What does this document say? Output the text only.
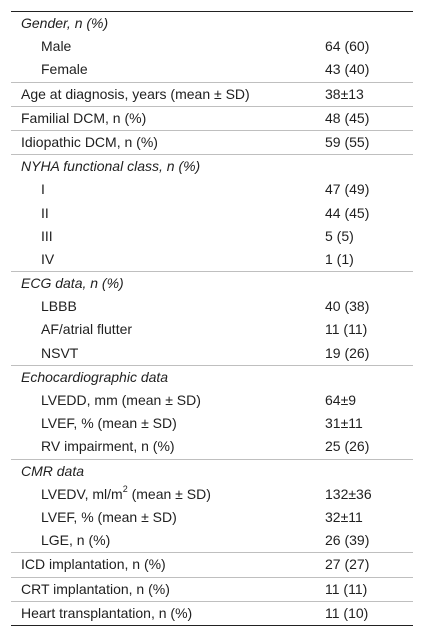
Gender, n (%)
Male	64 (60)
Female	43 (40)
Age at diagnosis, years (mean ± SD)	38±13
Familial DCM, n (%)	48 (45)
Idiopathic DCM, n (%)	59 (55)
NYHA functional class, n (%)
I	47 (49)
II	44 (45)
III	5 (5)
IV	1 (1)
ECG data, n (%)
LBBB	40 (38)
AF/atrial flutter	11 (11)
NSVT	19 (26)
Echocardiographic data
LVEDD, mm (mean ± SD)	64±9
LVEF, % (mean ± SD)	31±11
RV impairment, n (%)	25 (26)
CMR data
LVEDV, $ml/m^2$ (mean ± SD)	132±36
LVEF, % (mean ± SD)	32±11
LGE, n (%)	26 (39)
ICD implantation, n (%)	27 (27)
CRT implantation, n (%)	11 (11)
Heart transplantation, n (%)	11 (10)
